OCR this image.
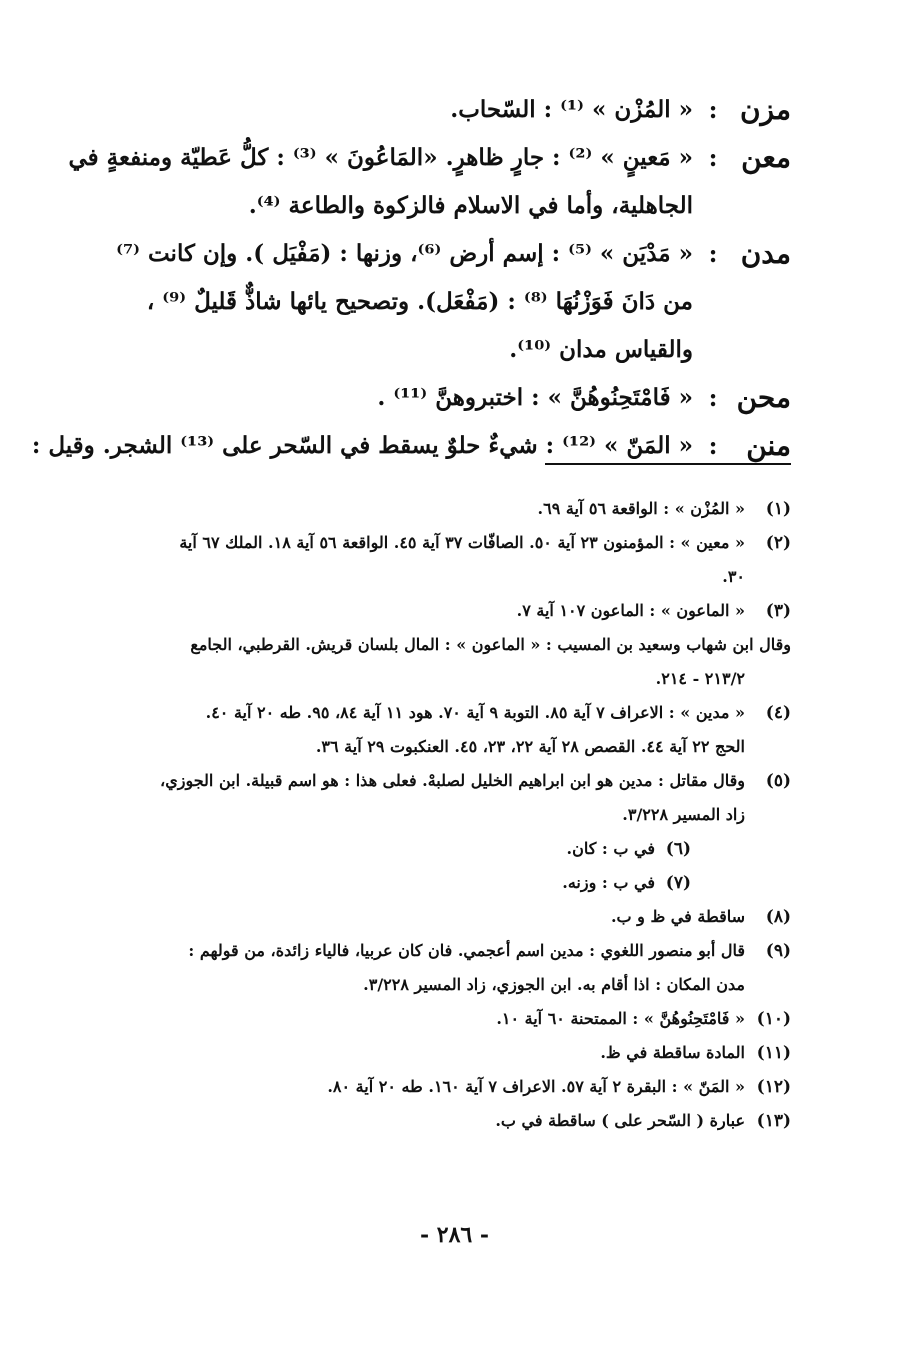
مزن
:
« المُزْن » ⁽¹⁾ : السّحاب.
معن
:
« مَعينٍ » ⁽²⁾ : جارٍ ظاهرٍ. «المَاعُونَ » ⁽³⁾ : كلُّ عَطيّة ومنفعةٍ في
الجاهلية، وأما في الاسلام فالزكوة والطاعة ⁽⁴⁾.
مدن
:
« مَدْيَن » ⁽⁵⁾ : إسم أرض ⁽⁶⁾، وزنها : (مَفْيَل ). وإن كانت ⁽⁷⁾
من دَانَ فَوَزْنُهَا ⁽⁸⁾ : (مَفْعَل). وتصحيح يائها شاذٌّ قَليلٌ ⁽⁹⁾ ،
والقياس مدان ⁽¹⁰⁾.
محن
:
« فَامْتَحِنُوهُنَّ » : اختبروهنَّ ⁽¹¹⁾ .
منن
:
« المَنّ » ⁽¹²⁾ : شيءٌ حلوٌ يسقط في السّحر على ⁽¹³⁾ الشجر. وقيل :
(١)
« المُزْن » : الواقعة ٥٦ آية ٦٩.
(٢)
« معين » : المؤمنون ٢٣ آية ٥٠. الصافّات ٣٧ آية ٤٥. الواقعة ٥٦ آية ١٨. الملك ٦٧ آية
٣٠.
(٣)
« الماعون » : الماعون ١٠٧ آية ٧.
وقال ابن شهاب وسعيد بن المسيب : « الماعون » : المال بلسان قريش. القرطبي، الجامع
٢١٣/٢ - ٢١٤.
(٤)
« مدين » : الاعراف ٧ آية ٨٥. التوبة ٩ آية ٧٠. هود ١١ آية ٨٤، ٩٥. طه ٢٠ آية ٤٠.
الحج ٢٢ آية ٤٤. القصص ٢٨ آية ٢٢، ٢٣، ٤٥. العنكبوت ٢٩ آية ٣٦.
(٥)
وقال مقاتل : مدين هو ابن ابراهيم الخليل لصلبهْ. فعلى هذا : هو اسم قبيلة. ابن الجوزي،
زاد المسير ٣/٢٢٨.
(٦)
في ب : كان.
(٧)
في ب : وزنه.
(٨)
ساقطة في ظ و ب.
(٩)
قال أبو منصور اللغوي : مدين اسم أعجمي. فان كان عربيا، فالياء زائدة، من قولهم :
مدن المكان : اذا أقام به. ابن الجوزي، زاد المسير ٣/٢٢٨.
(١٠)
« فَامْتَحِنُوهُنَّ » : الممتحنة ٦٠ آية ١٠.
(١١)
المادة ساقطة في ظ.
(١٢)
« المَنّ » : البقرة ٢ آية ٥٧. الاعراف ٧ آية ١٦٠. طه ٢٠ آية ٨٠.
(١٣)
عبارة ( السّحر على ) ساقطة في ب.
- ٢٨٦ -
